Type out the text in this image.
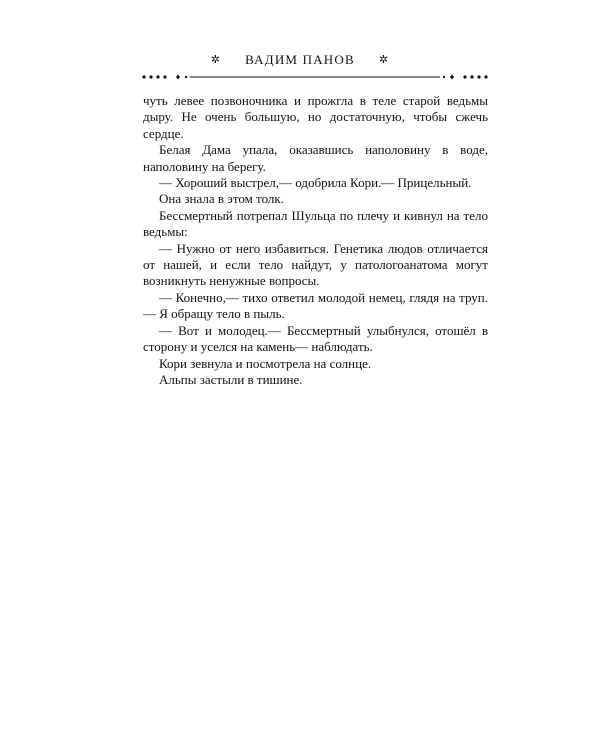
✲ ВАДИМ ПАНОВ ✲

чуть левее позвоночника и прожгла в теле старой ведьмы дыру. Не очень большую, но достаточную, чтобы сжечь сердце.

Белая Дама упала, оказавшись наполовину в воде, наполовину на берегу.

— Хороший выстрел,— одобрила Кори.— Прицельный.

Она знала в этом толк.

Бессмертный потрепал Шульца по плечу и кивнул на тело ведьмы:

— Нужно от него избавиться. Генетика людов отличается от нашей, и если тело найдут, у патологоанатома могут возникнуть ненужные вопросы.

— Конечно,— тихо ответил молодой немец, глядя на труп.— Я обращу тело в пыль.

— Вот и молодец.— Бессмертный улыбнулся, отошёл в сторону и уселся на камень— наблюдать.

Кори зевнула и посмотрела на солнце.

Альпы застыли в тишине.
